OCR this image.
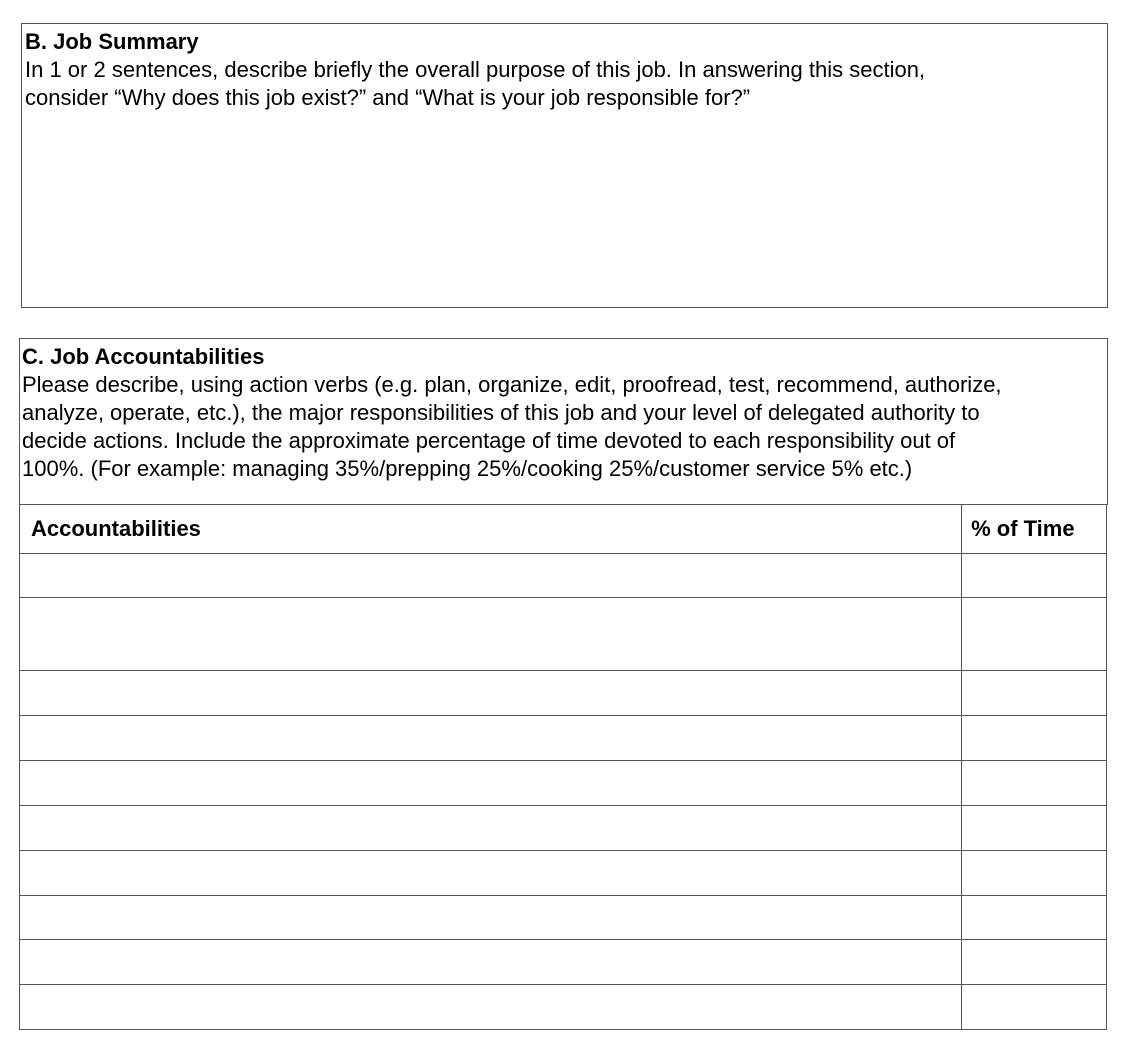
B. Job Summary

In 1 or 2 sentences, describe briefly the overall purpose of this job. In answering this section,

consider “Why does this job exist?” and “What is your job responsible for?”

C. Job Accountabilities

Please describe, using action verbs (e.g. plan, organize, edit, proofread, test, recommend, authorize,

analyze, operate, etc.), the major responsibilities of this job and your level of delegated authority to

decide actions. Include the approximate percentage of time devoted to each responsibility out of

100%. (For example: managing 35%/prepping 25%/cooking 25%/customer service 5% etc.)

Accountabilities	% of Time
